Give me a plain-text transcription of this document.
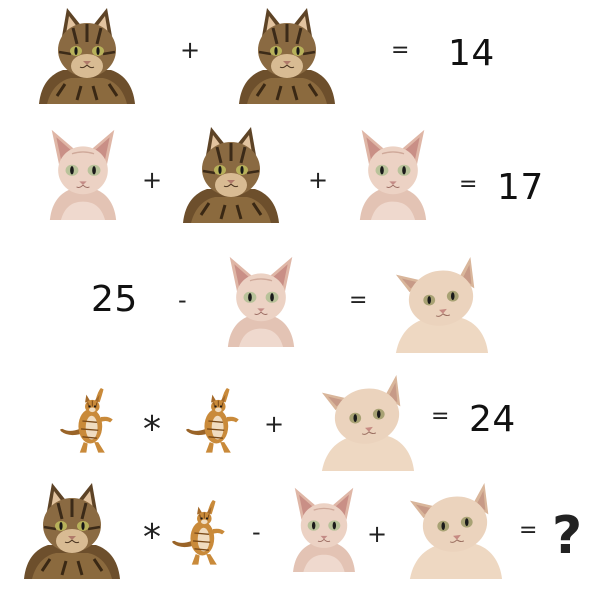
+	= 14
+	+	= 17
25 -	=
*	+	= 24
*	-	+	= ?
